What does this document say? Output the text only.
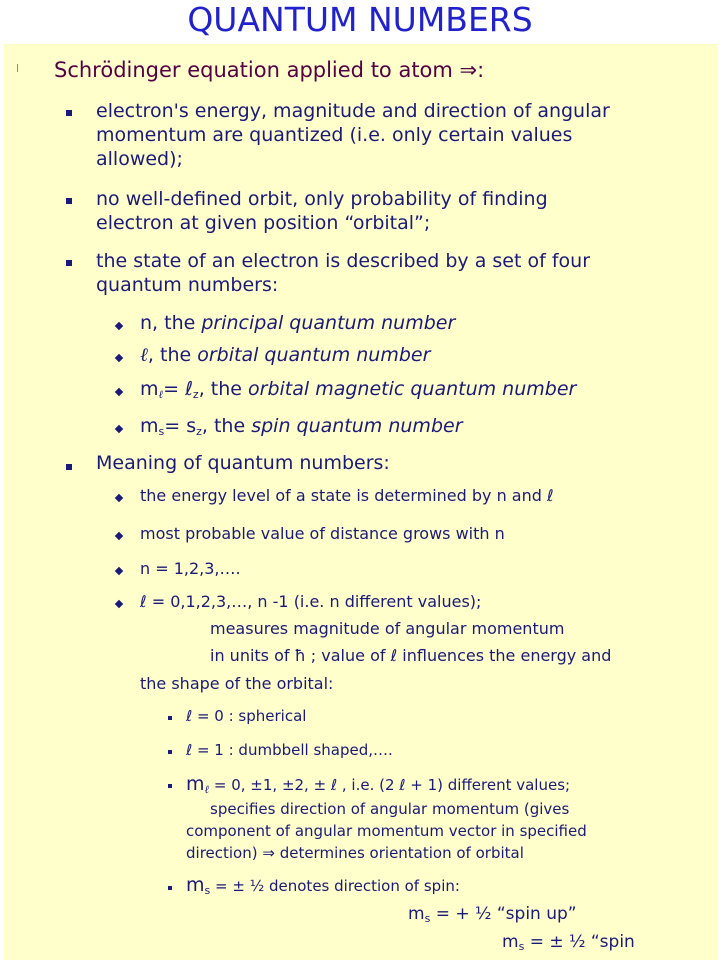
QUANTUM NUMBERS
l Schrödinger equation applied to atom ⇒:
electron's energy, magnitude and direction of angular
momentum are quantized (i.e. only certain values
allowed);
no well-defined orbit, only probability of finding
electron at given position “orbital”;
the state of an electron is described by a set of four
quantum numbers:
n, the principal quantum number
ℓ, the orbital quantum number
$m_\ell=$ ℓ$_z$, the orbital magnetic quantum number
$m_s= s_z$, the spin quantum number
Meaning of quantum numbers:
the energy level of a state is determined by n and ℓ
most probable value of distance grows with n
n = 1,2,3,….
ℓ = 0,1,2,3,…, n -1 (i.e. n different values);
measures magnitude of angular momentum
in units of ħ ; value of ℓ influences the energy and
the shape of the orbital:
ℓ = 0 : spherical
ℓ = 1 : dumbbell shaped,….
$m_\ell = 0$, ±1, ±2, ± ℓ , i.e. (2 ℓ + 1) different values;
specifies direction of angular momentum (gives
component of angular momentum vector in specified
direction) ⇒ determines orientation of orbital
$m_s$ = ± ½ denotes direction of spin:
$m_s$ = + ½ “spin up”
$m_s$ = ± ½ “spin
